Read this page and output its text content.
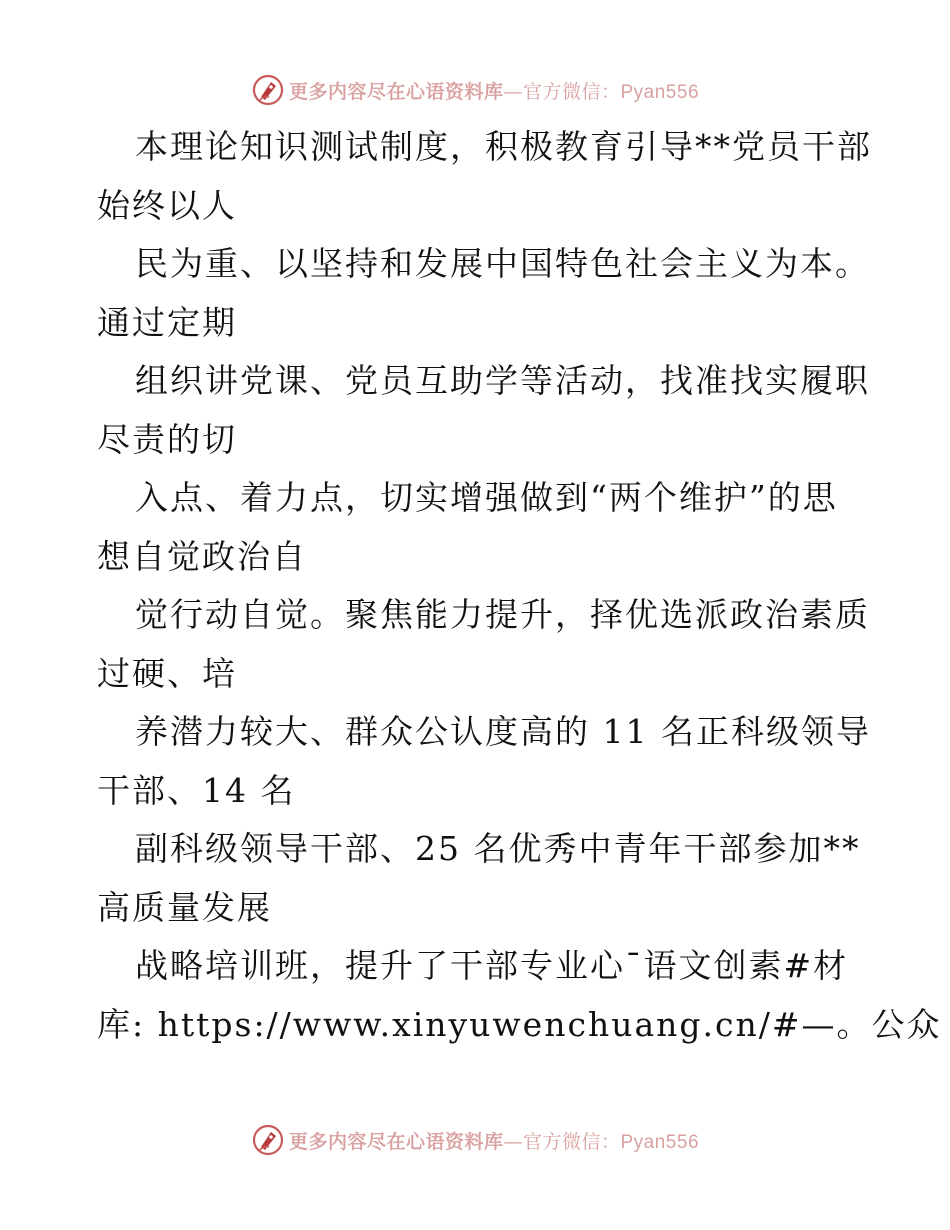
更多内容尽在心语资料库—官方微信：Pyan556
本理论知识测试制度，积极教育引导**党员干部
始终以人
民为重、以坚持和发展中国特色社会主义为本。
通过定期
组织讲党课、党员互助学等活动，找准找实履职
尽责的切
入点、着力点，切实增强做到“两个维护”的思
想自觉政治自
觉行动自觉。聚焦能力提升，择优选派政治素质
过硬、培
养潜力较大、群众公认度高的 11 名正科级领导
干部、14 名
副科级领导干部、25 名优秀中青年干部参加**
高质量发展
战略培训班，提升了干部专业心¯语文创素#材
库: https://www.xinyuwenchuang.cn/#—。公众
更多内容尽在心语资料库—官方微信：Pyan556
